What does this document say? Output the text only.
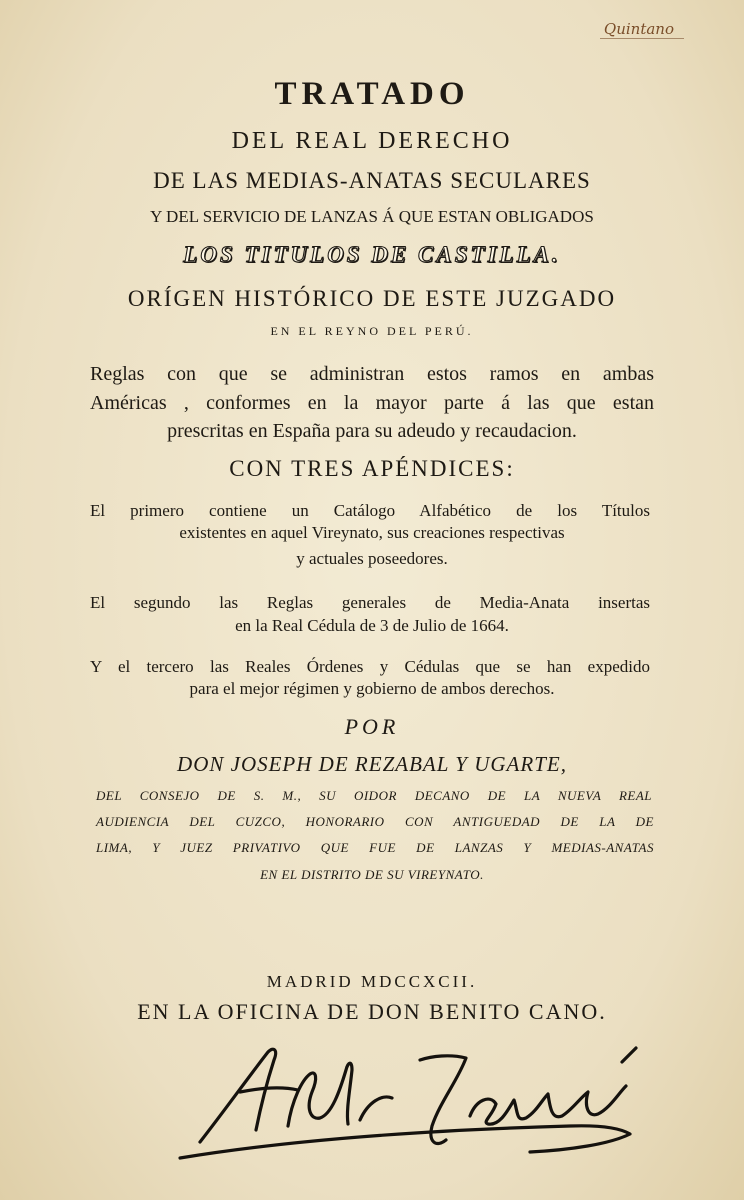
Quintano
TRATADO
DEL REAL DERECHO
DE LAS MEDIAS-ANATAS SECULARES
Y DEL SERVICIO DE LANZAS Á QUE ESTAN OBLIGADOS
LOS TITULOS DE CASTILLA.
ORÍGEN HISTÓRICO DE ESTE JUZGADO
EN EL REYNO DEL PERÚ.
Reglas con que se administran estos ramos en ambas
Américas , conformes en la mayor parte á las que estan
prescritas en España para su adeudo y recaudacion.
CON TRES APÉNDICES:
El primero contiene un Catálogo Alfabético de los Títulos
existentes en aquel Vireynato, sus creaciones respectivas
y actuales poseedores.
El segundo las Reglas generales de Media-Anata insertas
en la Real Cédula de 3 de Julio de 1664.
Y el tercero las Reales Órdenes y Cédulas que se han expedido
para el mejor régimen y gobierno de ambos derechos.
POR
DON JOSEPH DE REZABAL Y UGARTE,
DEL CONSEJO DE S. M., SU OIDOR DECANO DE LA NUEVA REAL
AUDIENCIA DEL CUZCO, HONORARIO CON ANTIGUEDAD DE LA DE
LIMA, Y JUEZ PRIVATIVO QUE FUE DE LANZAS Y MEDIAS-ANATAS
EN EL DISTRITO DE SU VIREYNATO.
MADRID MDCCXCII.
EN LA OFICINA DE DON BENITO CANO.
